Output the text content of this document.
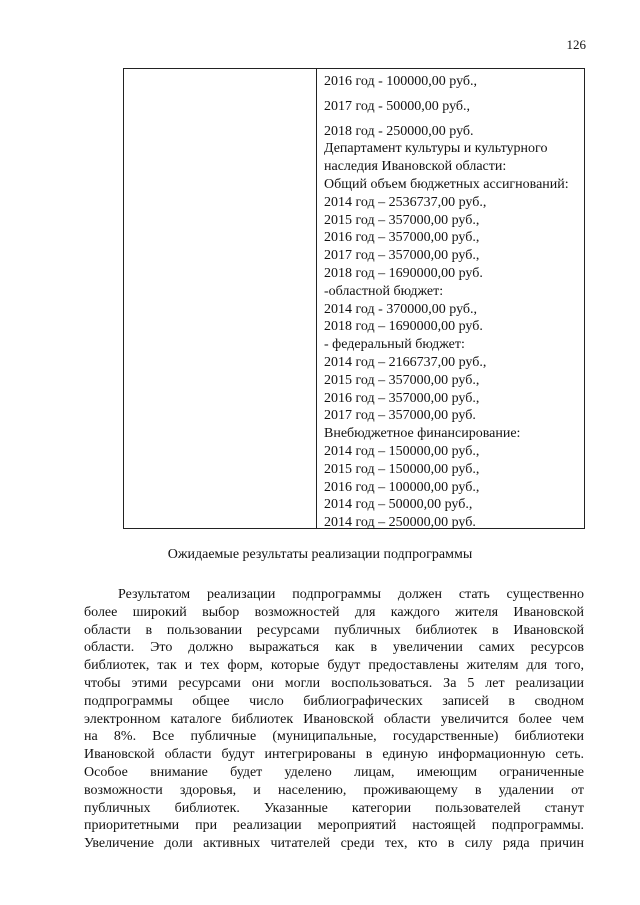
126
2016 год - 100000,00 руб.,
2017 год - 50000,00 руб.,
2018 год - 250000,00 руб.
Департамент культуры и культурного
наследия Ивановской области:
Общий объем бюджетных ассигнований:
2014 год – 2536737,00 руб.,
2015 год – 357000,00 руб.,
2016 год – 357000,00 руб.,
2017 год – 357000,00 руб.,
2018 год – 1690000,00 руб.
-областной бюджет:
2014 год - 370000,00 руб.,
2018 год – 1690000,00 руб.
- федеральный бюджет:
2014 год – 2166737,00 руб.,
2015 год – 357000,00 руб.,
2016 год – 357000,00 руб.,
2017 год – 357000,00 руб.
Внебюджетное финансирование:
2014 год – 150000,00 руб.,
2015 год – 150000,00 руб.,
2016 год – 100000,00 руб.,
2014 год – 50000,00 руб.,
2014 год – 250000,00 руб.
Ожидаемые результаты реализации подпрограммы
Результатом реализации подпрограммы должен стать существенно
более широкий выбор возможностей для каждого жителя Ивановской
области в пользовании ресурсами публичных библиотек в Ивановской
области. Это должно выражаться как в увеличении самих ресурсов
библиотек, так и тех форм, которые будут предоставлены жителям для того,
чтобы этими ресурсами они могли воспользоваться. За 5 лет реализации
подпрограммы общее число библиографических записей в сводном
электронном каталоге библиотек Ивановской области увеличится более чем
на 8%. Все публичные (муниципальные, государственные) библиотеки
Ивановской области будут интегрированы в единую информационную сеть.
Особое внимание будет уделено лицам, имеющим ограниченные
возможности здоровья, и населению, проживающему в удалении от
публичных библиотек. Указанные категории пользователей станут
приоритетными при реализации мероприятий настоящей подпрограммы.
Увеличение доли активных читателей среди тех, кто в силу ряда причин
